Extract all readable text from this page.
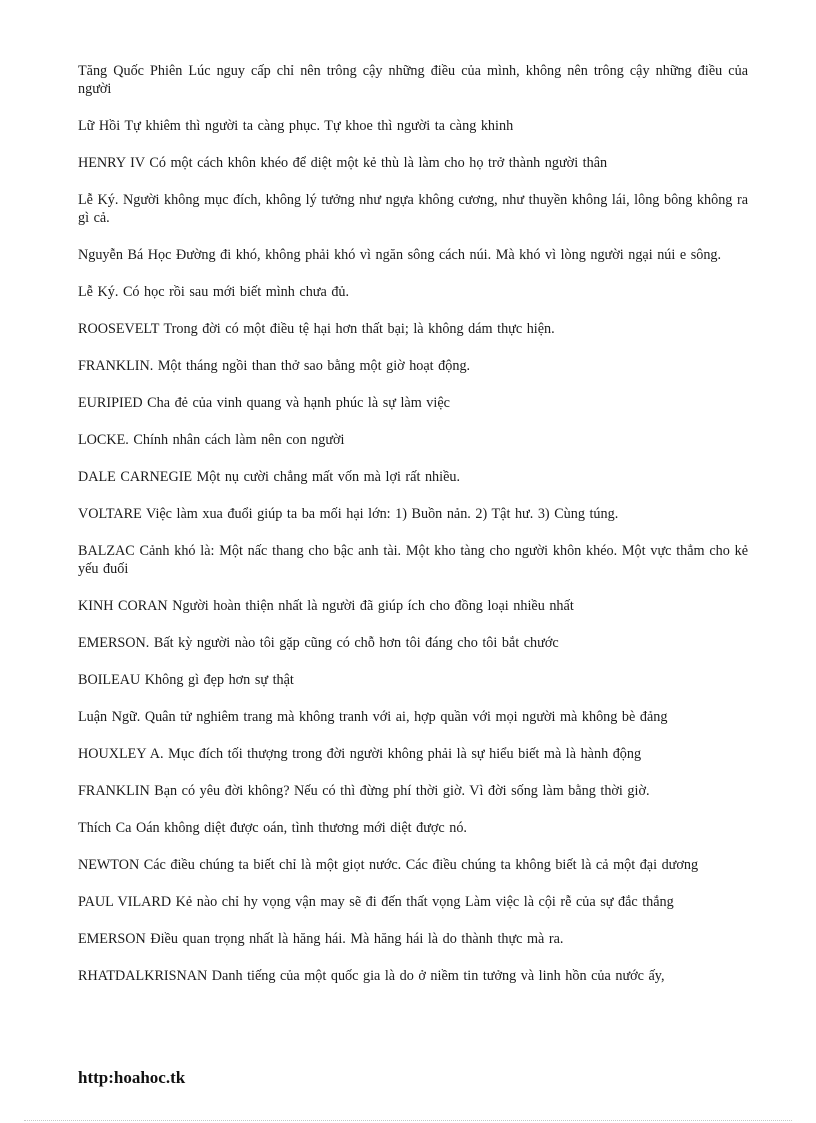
Tăng Quốc Phiên Lúc nguy cấp chỉ nên trông cậy những điều của mình, không nên trông cậy những điều của người
Lữ Hồi Tự khiêm thì người ta càng phục. Tự khoe thì người ta càng khinh
HENRY IV Có một cách khôn khéo để diệt một kẻ thù là làm cho họ trở thành người thân
Lễ Ký. Người không mục đích, không lý tưởng như ngựa không cương, như thuyền không lái, lông bông không ra gì cả.
Nguyễn Bá Học Đường đi khó, không phải khó vì ngăn sông cách núi. Mà khó vì lòng người ngại núi e sông.
Lễ Ký. Có học rồi sau mới biết mình chưa đủ.
ROOSEVELT Trong đời có một điều tệ hại hơn thất bại; là không dám thực hiện.
FRANKLIN. Một tháng ngồi than thở sao bằng một giờ hoạt động.
EURIPIED Cha đẻ của vinh quang và hạnh phúc là sự làm việc
LOCKE. Chính nhân cách làm nên con người
DALE CARNEGIE Một nụ cười chẳng mất vốn mà lợi rất nhiều.
VOLTARE Việc làm xua đuổi giúp ta ba mối hại lớn: 1) Buồn nản. 2) Tật hư. 3) Cùng túng.
BALZAC Cảnh khó là: Một nấc thang cho bậc anh tài. Một kho tàng cho người khôn khéo. Một vực thẳm cho kẻ yếu đuối
KINH CORAN Người hoàn thiện nhất là người đã giúp ích cho đồng loại nhiều nhất
EMERSON. Bất kỳ người nào tôi gặp cũng có chỗ hơn tôi đáng cho tôi bắt chước
BOILEAU Không gì đẹp hơn sự thật
Luận Ngữ. Quân tử nghiêm trang mà không tranh với ai, hợp quần với mọi người mà không bè đảng
HOUXLEY A. Mục đích tối thượng trong đời người không phải là sự hiểu biết mà là hành động
FRANKLIN Bạn có yêu đời không? Nếu có thì đừng phí thời giờ. Vì đời sống làm bằng thời giờ.
Thích Ca Oán không diệt được oán, tình thương mới diệt được nó.
NEWTON Các điều chúng ta biết chỉ là một giọt nước. Các điều chúng ta không biết là cả một đại dương
PAUL VILARD Kẻ nào chỉ hy vọng vận may sẽ đi đến thất vọng Làm việc là cội rễ của sự đắc thắng
EMERSON Điều quan trọng nhất là hăng hái. Mà hăng hái là do thành thực mà ra.
RHATDALKRISNAN Danh tiếng của một quốc gia là do ở niềm tin tưởng và linh hồn của nước ấy,
http:hoahoc.tk
